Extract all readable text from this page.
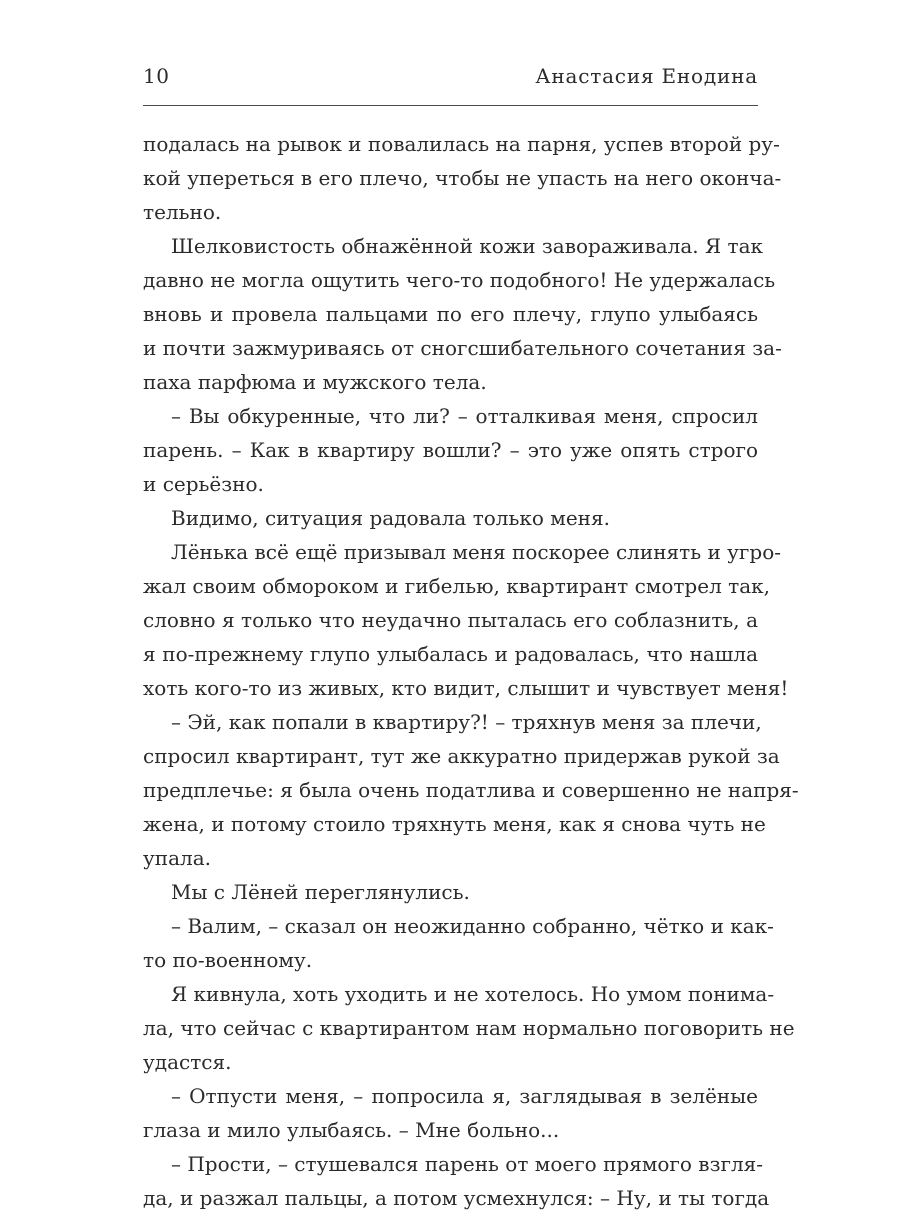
10	Анастасия Енодина
подалась на рывок и повалилась на парня, успев второй ру-
кой упереться в его плечо, чтобы не упасть на него оконча-
тельно.
Шелковистость обнажённой кожи завораживала. Я так
давно не могла ощутить чего-то подобного! Не удержалась
вновь и провела пальцами по его плечу, глупо улыбаясь
и почти зажмуриваясь от сногсшибательного сочетания за-
паха парфюма и мужского тела.
– Вы обкуренные, что ли? – отталкивая меня, спросил
парень. – Как в квартиру вошли? – это уже опять строго
и серьёзно.
Видимо, ситуация радовала только меня.
Лёнька всё ещё призывал меня поскорее слинять и угро-
жал своим обмороком и гибелью, квартирант смотрел так,
словно я только что неудачно пыталась его соблазнить, а
я по-прежнему глупо улыбалась и радовалась, что нашла
хоть кого-то из живых, кто видит, слышит и чувствует меня!
– Эй, как попали в квартиру?! – тряхнув меня за плечи,
спросил квартирант, тут же аккуратно придержав рукой за
предплечье: я была очень податлива и совершенно не напря-
жена, и потому стоило тряхнуть меня, как я снова чуть не
упала.
Мы с Лёней переглянулись.
– Валим, – сказал он неожиданно собранно, чётко и как-
то по-военному.
Я кивнула, хоть уходить и не хотелось. Но умом понима-
ла, что сейчас с квартирантом нам нормально поговорить не
удастся.
– Отпусти меня, – попросила я, заглядывая в зелёные
глаза и мило улыбаясь. – Мне больно...
– Прости, – стушевался парень от моего прямого взгля-
да, и разжал пальцы, а потом усмехнулся: – Ну, и ты тогда
